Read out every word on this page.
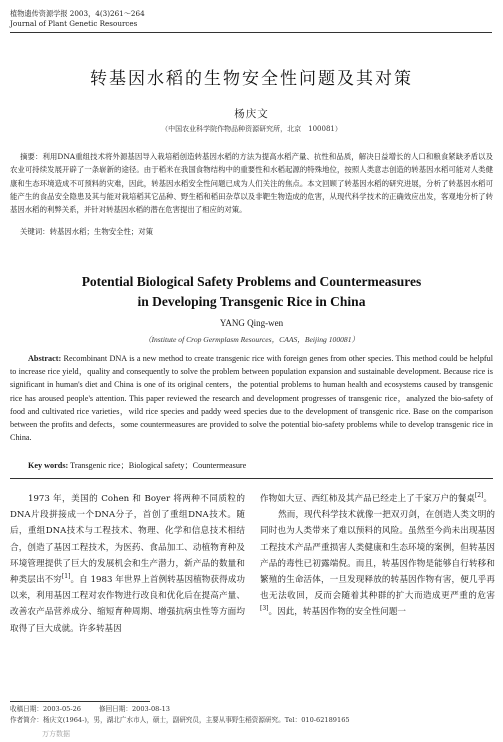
植物遗传资源学报 2003，4(3)261～264
Journal of Plant Genetic Resources
转基因水稻的生物安全性问题及其对策
杨庆文
（中国农业科学院作物品种资源研究所，北京　100081）
摘要：利用DNA重组技术将外源基因导入栽培稻创造转基因水稻的方法为提高水稻产量、抗性和品质，解决日益增长的人口和粮食紧缺矛盾以及农业可持续发展开辟了一条崭新的途径。由于稻米在我国食物结构中的重要性和水稻起源的特殊地位，按照人类意志创造的转基因水稻可能对人类健康和生态环境造成不可预料的灾难，因此，转基因水稻安全性问题已成为人们关注的焦点。本文回顾了转基因水稻的研究进展，分析了转基因水稻可能产生的食品安全隐患及其与能对栽培稻其它品种、野生稻和稻田杂草以及非靶生物造成的危害，从现代科学技术的正确效应出发，客观地分析了转基因水稻的利弊关系，并针对转基因水稻的潜在危害提出了相应的对策。
关键词：转基因水稻；生物安全性；对策
Potential Biological Safety Problems and Countermeasures
in Developing Transgenic Rice in China
YANG Qing-wen
（Institute of Crop Germplasm Resources，CAAS，Beijing 100081）
Abstract: Recombinant DNA is a new method to create transgenic rice with foreign genes from other species. This method could be helpful to increase rice yield，quality and consequently to solve the problem between population expansion and sustainable development. Because rice is significant in human's diet and China is one of its original centers，the potential problems to human health and ecosystems caused by transgenic rice has aroused people's attention. This paper reviewed the research and development progresses of transgenic rice，analyzed the bio-safety of food and cultivated rice varieties，wild rice species and paddy weed species due to the development of transgenic rice. Base on the comparison between the profits and defects，some countermeasures are provided to solve the potential bio-safety problems while to develop transgenic rice in China.
Key words: Transgenic rice；Biological safety；Countermeasure

1973 年，美国的 Cohen 和 Boyer 将两种不同质粒的DNA片段拼接成一个DNA分子，首创了重组DNA技术。随后，重组DNA技术与工程技术、物理、化学和信息技术相结合，创造了基因工程技术，为医药、食品加工、动植物育种及环境管理提供了巨大的发展机会和生产潜力，新产品的数量和种类层出不穷[1]。自 1983 年世界上首例转基因植物获得成功以来，利用基因工程对农作物进行改良和优化后在提高产量、改善农产品营养成分、缩短育种周期、增强抗病虫性等方面均取得了巨大成就。许多转基因

作物如大豆、西红柿及其产品已经走上了千家万户的餐桌[2]。

然而，现代科学技术就像一把双刃剑，在创造人类文明的同时也为人类带来了难以预料的风险。虽然至今尚未出现基因工程技术产品严重损害人类健康和生态环境的案例，但转基因产品的毒性已初露端倪。而且，转基因作物是能够自行转移和繁殖的生命活体，一旦发现释放的转基因作物有害，便几乎再也无法收回，反而会随着其种群的扩大而造成更严重的危害[3]。因此，转基因作物的安全性问题一

收稿日期：2003-05-26	修回日期：2003-08-13
作者简介：杨庆文(1964-)，男，湖北广水市人，硕士，副研究员，主要从事野生稻资源研究。Tel：010-62189165
万方数据
